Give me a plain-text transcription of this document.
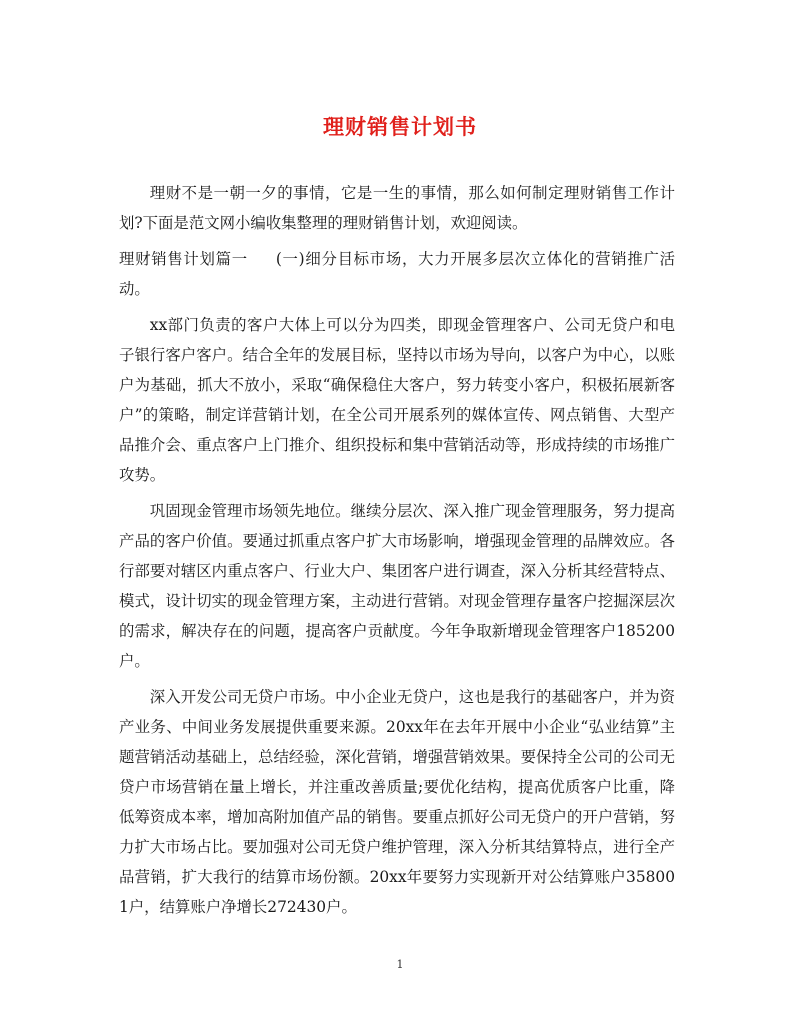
理财销售计划书

理财不是一朝一夕的事情，它是一生的事情，那么如何制定理财销售工作计划?下面是范文网小编收集整理的理财销售计划，欢迎阅读。

理财销售计划篇一 (一)细分目标市场，大力开展多层次立体化的营销推广活动。

xx部门负责的客户大体上可以分为四类，即现金管理客户、公司无贷户和电子银行客户客户。结合全年的发展目标，坚持以市场为导向，以客户为中心，以账户为基础，抓大不放小，采取“确保稳住大客户，努力转变小客户，积极拓展新客户”的策略，制定详营销计划，在全公司开展系列的媒体宣传、网点销售、大型产品推介会、重点客户上门推介、组织投标和集中营销活动等，形成持续的市场推广攻势。

巩固现金管理市场领先地位。继续分层次、深入推广现金管理服务，努力提高产品的客户价值。要通过抓重点客户扩大市场影响，增强现金管理的品牌效应。各行部要对辖区内重点客户、行业大户、集团客户进行调查，深入分析其经营特点、模式，设计切实的现金管理方案，主动进行营销。对现金管理存量客户挖掘深层次的需求，解决存在的问题，提高客户贡献度。今年争取新增现金管理客户185200户。

深入开发公司无贷户市场。中小企业无贷户，这也是我行的基础客户，并为资产业务、中间业务发展提供重要来源。20xx年在去年开展中小企业“弘业结算”主题营销活动基础上，总结经验，深化营销，增强营销效果。要保持全公司的公司无贷户市场营销在量上增长，并注重改善质量;要优化结构，提高优质客户比重，降低筹资成本率，增加高附加值产品的销售。要重点抓好公司无贷户的开户营销，努力扩大市场占比。要加强对公司无贷户维护管理，深入分析其结算特点，进行全产品营销，扩大我行的结算市场份额。20xx年要努力实现新开对公结算账户358001户，结算账户净增长272430户。

1
